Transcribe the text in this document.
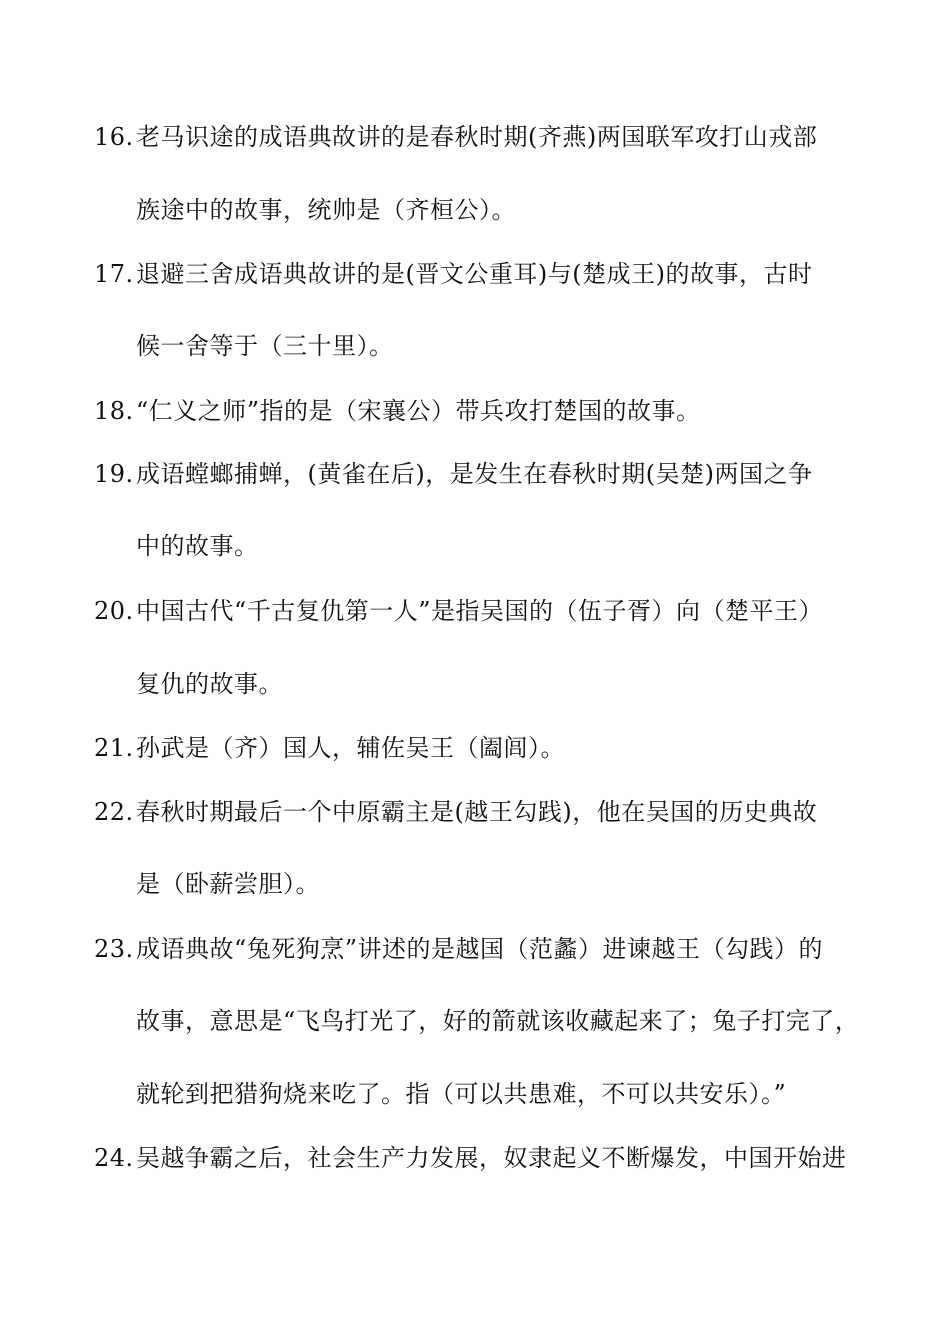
16. 老马识途的成语典故讲的是春秋时期(齐燕)两国联军攻打山戎部
族途中的故事，统帅是（齐桓公）。
17. 退避三舍成语典故讲的是(晋文公重耳)与(楚成王)的故事，古时
候一舍等于（三十里）。
18. “仁义之师”指的是（宋襄公）带兵攻打楚国的故事。
19. 成语螳螂捕蝉，(黄雀在后)，是发生在春秋时期(吴楚)两国之争
中的故事。
20. 中国古代“千古复仇第一人”是指吴国的（伍子胥）向（楚平王）
复仇的故事。
21. 孙武是（齐）国人，辅佐吴王（阖闾）。
22. 春秋时期最后一个中原霸主是(越王勾践)，他在吴国的历史典故
是（卧薪尝胆）。
23. 成语典故“兔死狗烹”讲述的是越国（范蠡）进谏越王（勾践）的
故事，意思是“飞鸟打光了，好的箭就该收藏起来了；兔子打完了，
就轮到把猎狗烧来吃了。指（可以共患难，不可以共安乐）。”
24. 吴越争霸之后，社会生产力发展，奴隶起义不断爆发，中国开始进
